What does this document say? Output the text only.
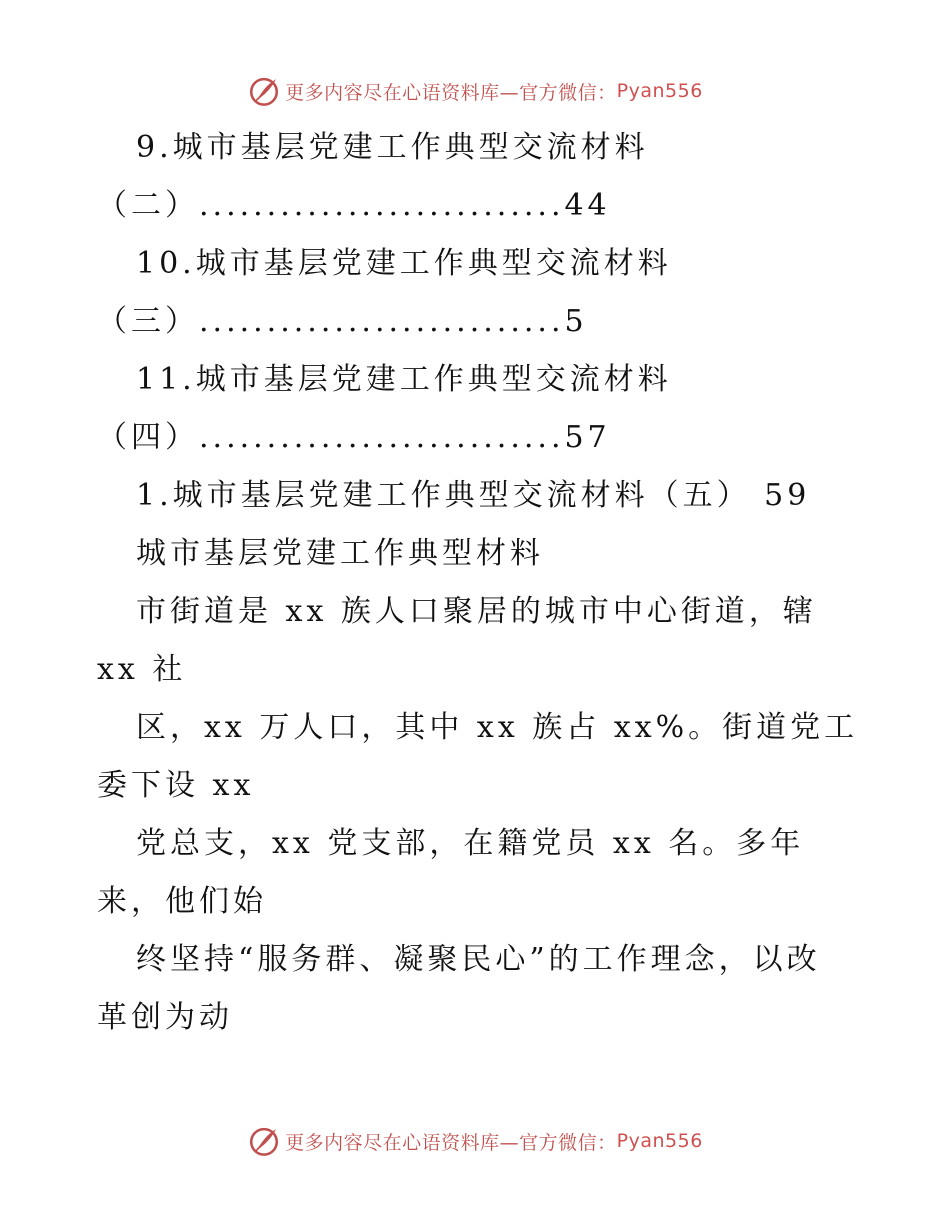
更多内容尽在心语资料库—官方微信： Pyan556
9.城市基层党建工作典型交流材料
（二）...........................44
10.城市基层党建工作典型交流材料
（三）...........................5
11.城市基层党建工作典型交流材料
（四）...........................57
1.城市基层党建工作典型交流材料（五） 59
城市基层党建工作典型材料
市街道是 xx 族人口聚居的城市中心街道，辖
xx 社
区，xx 万人口，其中 xx 族占 xx%。街道党工
委下设 xx
党总支，xx 党支部，在籍党员 xx 名。多年
来，他们始
终坚持“服务群、凝聚民心”的工作理念，以改
革创为动
更多内容尽在心语资料库—官方微信： Pyan556
